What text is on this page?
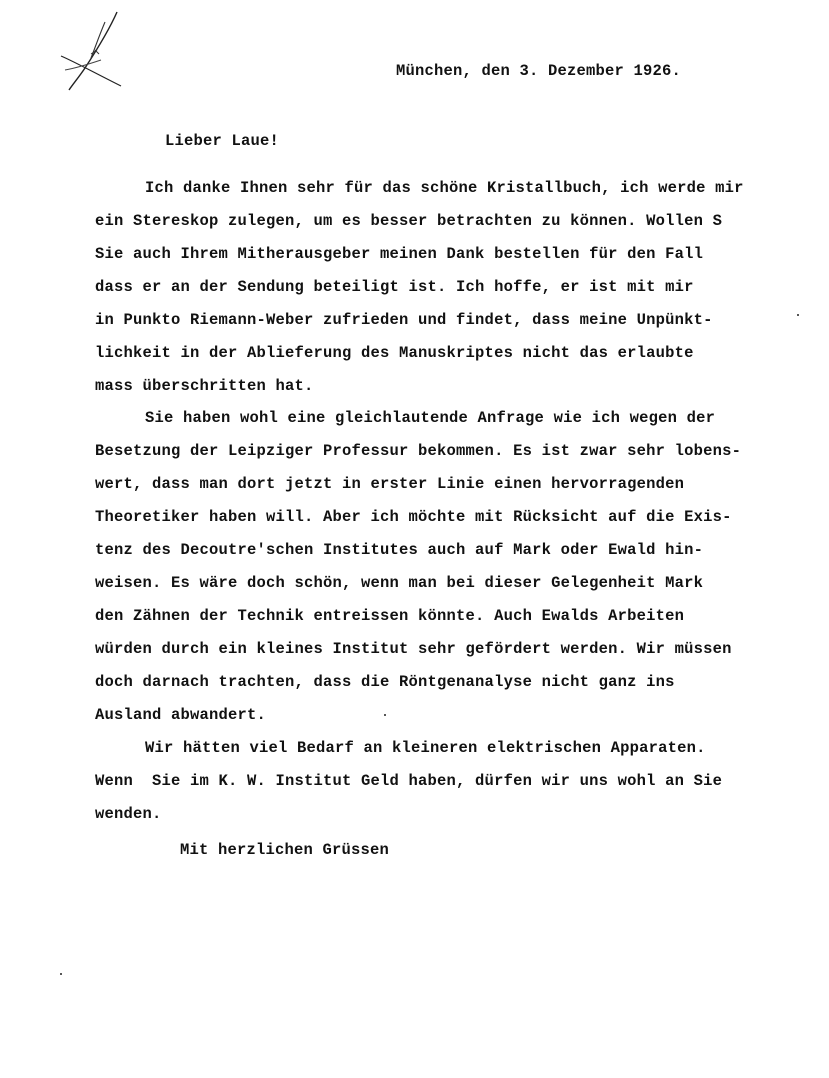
München, den 3. Dezember 1926.
Lieber Laue!
Ich danke Ihnen sehr für das schöne Kristallbuch, ich werde mir
ein Stereskop zulegen, um es besser betrachten zu können. Wollen S
Sie auch Ihrem Mitherausgeber meinen Dank bestellen für den Fall
dass er an der Sendung beteiligt ist. Ich hoffe, er ist mit mir
in Punkto Riemann-Weber zufrieden und findet, dass meine Unpünkt-
lichkeit in der Ablieferung des Manuskriptes nicht das erlaubte
mass überschritten hat.
Sie haben wohl eine gleichlautende Anfrage wie ich wegen der
Besetzung der Leipziger Professur bekommen. Es ist zwar sehr lobens-
wert, dass man dort jetzt in erster Linie einen hervorragenden
Theoretiker haben will. Aber ich möchte mit Rücksicht auf die Exis-
tenz des Decoutre'schen Institutes auch auf Mark oder Ewald hin-
weisen. Es wäre doch schön, wenn man bei dieser Gelegenheit Mark
den Zähnen der Technik entreissen könnte. Auch Ewalds Arbeiten
würden durch ein kleines Institut sehr gefördert werden. Wir müssen
doch darnach trachten, dass die Röntgenanalyse nicht ganz ins
Ausland abwandert.
Wir hätten viel Bedarf an kleineren elektrischen Apparaten.
Wenn  Sie im K. W. Institut Geld haben, dürfen wir uns wohl an Sie
wenden.
Mit herzlichen Grüssen
